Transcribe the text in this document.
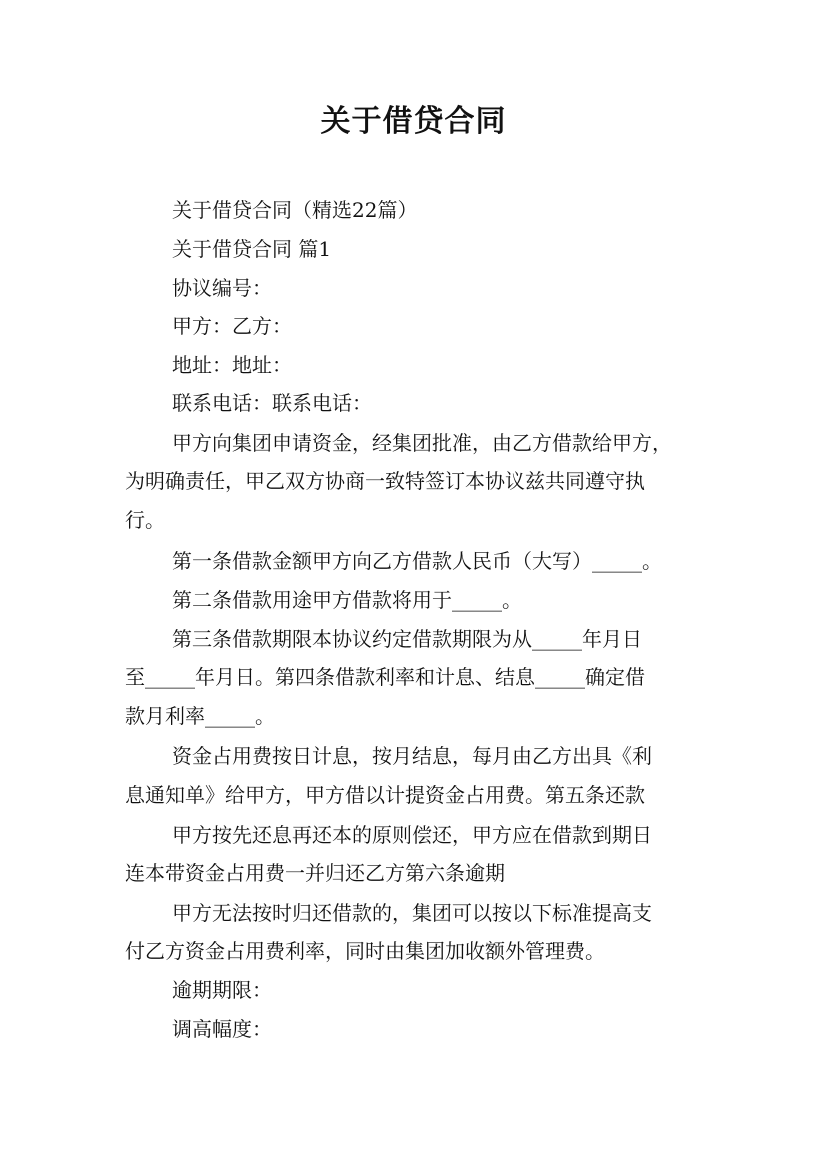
关于借贷合同
关于借贷合同（精选22篇）
关于借贷合同 篇1
协议编号：
甲方：乙方：
地址：地址：
联系电话：联系电话：
甲方向集团申请资金，经集团批准，由乙方借款给甲方，
为明确责任，甲乙双方协商一致特签订本协议兹共同遵守执
行。
第一条借款金额甲方向乙方借款人民币（大写）_____。
第二条借款用途甲方借款将用于_____。
第三条借款期限本协议约定借款期限为从_____年月日
至_____年月日。第四条借款利率和计息、结息_____确定借
款月利率_____。
资金占用费按日计息，按月结息，每月由乙方出具《利
息通知单》给甲方，甲方借以计提资金占用费。第五条还款
甲方按先还息再还本的原则偿还，甲方应在借款到期日
连本带资金占用费一并归还乙方第六条逾期
甲方无法按时归还借款的，集团可以按以下标准提高支
付乙方资金占用费利率，同时由集团加收额外管理费。
逾期期限：
调高幅度：
